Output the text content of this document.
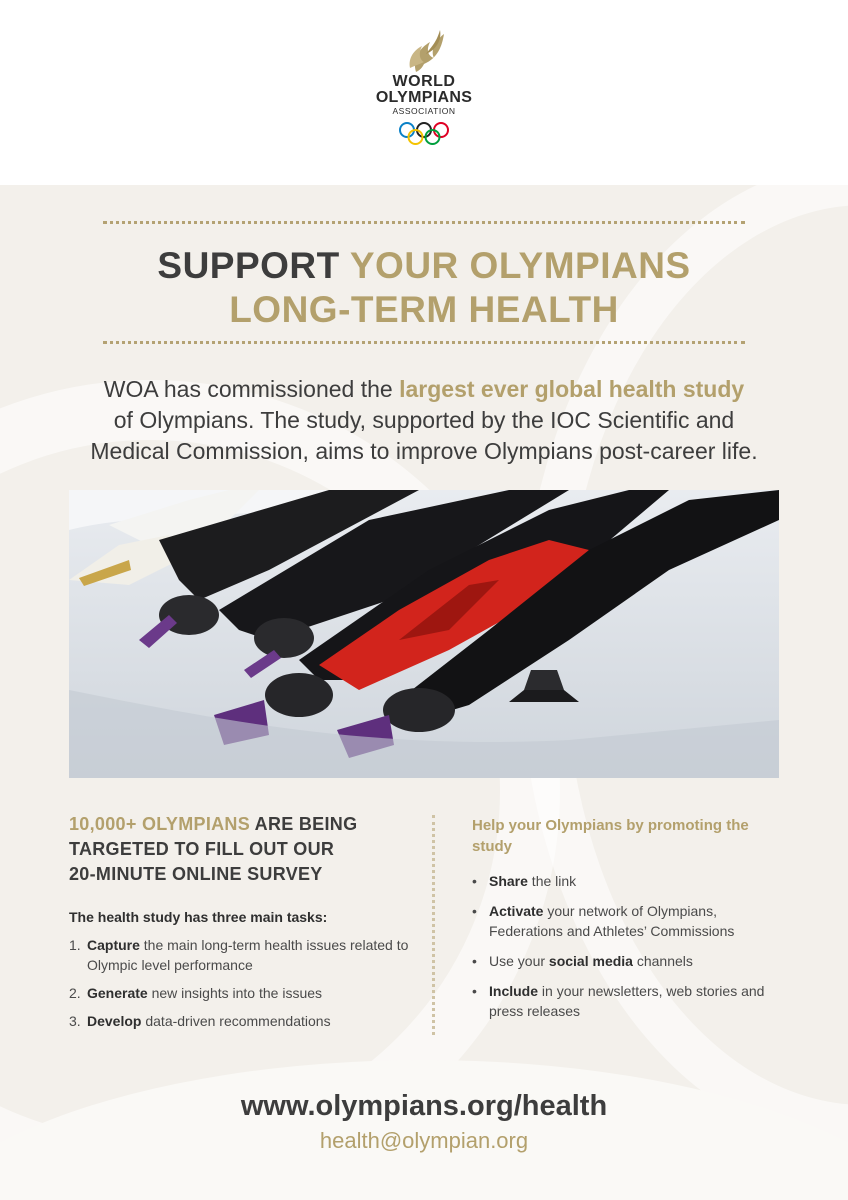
WORLD
OLYMPIANS
ASSOCIATION
SUPPORT YOUR OLYMPIANS
LONG-TERM HEALTH
WOA has commissioned the largest ever global health study
of Olympians. The study, supported by the IOC Scientific and
Medical Commission, aims to improve Olympians post-career life.
10,000+ OLYMPIANS ARE BEING
TARGETED TO FILL OUT OUR
20-MINUTE ONLINE SURVEY
The health study has three main tasks:
1. Capture the main long-term health issues related to Olympic level performance
2. Generate new insights into the issues
3. Develop data-driven recommendations
Help your Olympians by promoting the study
• Share the link
• Activate your network of Olympians, Federations and Athletes’ Commissions
• Use your social media channels
• Include in your newsletters, web stories and press releases
www.olympians.org/health
health@olympian.org
